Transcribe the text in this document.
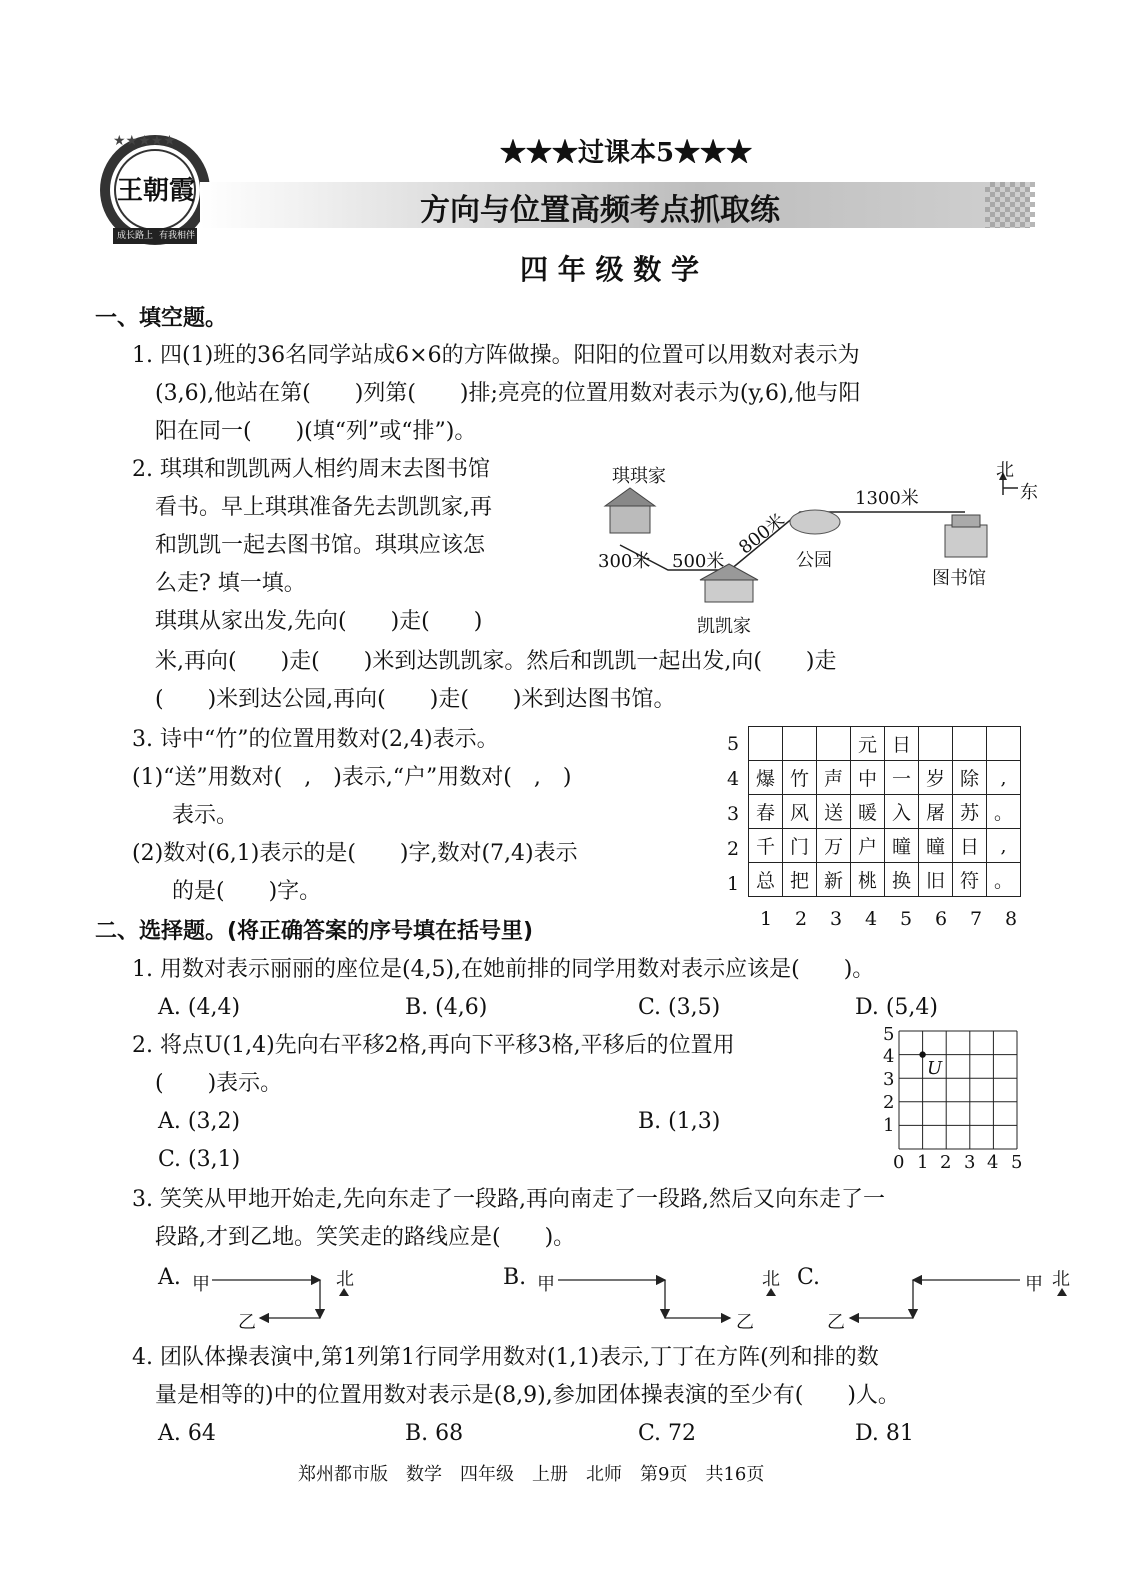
★★★★★
王朝霞
成长路上 有我相伴
★★★过课本5★★★
方向与位置高频考点抓取练
四 年 级 数 学
一、填空题。
1. 四(1)班的36名同学站成6×6的方阵做操。阳阳的位置可以用数对表示为
(3,6),他站在第(　　)列第(　　)排;亮亮的位置用数对表示为(y,6),他与阳
阳在同一(　　)(填“列”或“排”)。
2. 琪琪和凯凯两人相约周末去图书馆
看书。早上琪琪准备先去凯凯家,再
和凯凯一起去图书馆。琪琪应该怎
么走? 填一填。
琪琪从家出发,先向(　　)走(　　)
米,再向(　　)走(　　)米到达凯凯家。然后和凯凯一起出发,向(　　)走
(　　)米到达公园,再向(　　)走(　　)米到达图书馆。
琪琪家
凯凯家
公园
图书馆
300米 500米
800米
1300米
北
东
3. 诗中“竹”的位置用数对(2,4)表示。
(1)“送”用数对(　,　)表示,“户”用数对(　,　)
表示。
(2)数对(6,1)表示的是(　　)字,数对(7,4)表示
的是(　　)字。
			元	日			
爆	竹	声	中	一	岁	除	,
春	风	送	暖	入	屠	苏	。
千	门	万	户	曈	曈	日	,
总	把	新	桃	换	旧	符	。
5
4
3
2
1
1 2 3 4 5 6 7 8
二、选择题。(将正确答案的序号填在括号里)
1. 用数对表示丽丽的座位是(4,5),在她前排的同学用数对表示应该是(　　)。
A. (4,4)	B. (4,6)	C. (3,5)	D. (5,4)
2. 将点U(1,4)先向右平移2格,再向下平移3格,平移后的位置用
(　　)表示。
A. (3,2)	B. (1,3)
C. (3,1)
U
5
4
3
2
1
0 1 2 3 4 5
3. 笑笑从甲地开始走,先向东走了一段路,再向南走了一段路,然后又向东走了一
段路,才到乙地。笑笑走的路线应是(　　)。
A.	B.	C.
甲
乙
北	甲
乙
北	甲
乙
北
4. 团队体操表演中,第1列第1行同学用数对(1,1)表示,丁丁在方阵(列和排的数
量是相等的)中的位置用数对表示是(8,9),参加团体操表演的至少有(　　)人。
A. 64	B. 68	C. 72	D. 81
郑州都市版　数学　四年级　上册　北师　第9页　共16页
